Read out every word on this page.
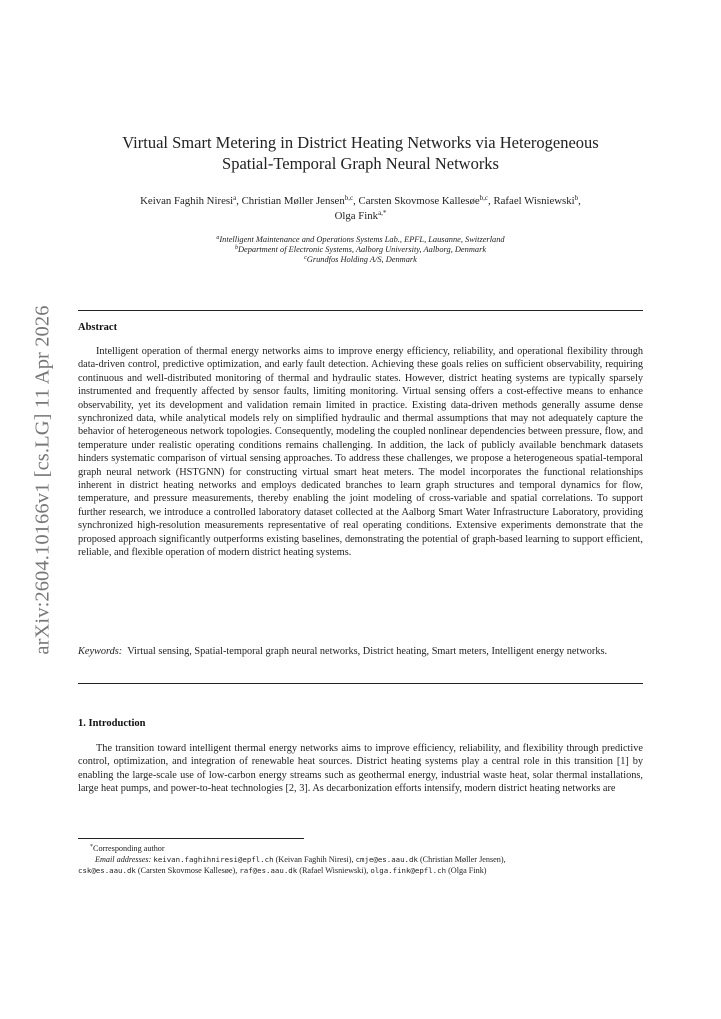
arXiv:2604.10166v1 [cs.LG] 11 Apr 2026
Virtual Smart Metering in District Heating Networks via Heterogeneous
Spatial-Temporal Graph Neural Networks
Keivan Faghih Niresi$^a$, Christian Møller Jensen$^{b,c}$, Carsten Skovmose Kallesøe$^{b,c}$, Rafael Wisniewski$^b$,
Olga Fink$^{a,*}$
$^a$Intelligent Maintenance and Operations Systems Lab., EPFL, Lausanne, Switzerland
$^b$Department of Electronic Systems, Aalborg University, Aalborg, Denmark
$^c$Grundfos Holding A/S, Denmark
Abstract

Intelligent operation of thermal energy networks aims to improve energy efficiency, reliability, and operational flexibility through data-driven control, predictive optimization, and early fault detection. Achieving these goals relies on sufficient observability, requiring continuous and well-distributed monitoring of thermal and hydraulic states. However, district heating systems are typically sparsely instrumented and frequently affected by sensor faults, limiting monitoring. Virtual sensing offers a cost-effective means to enhance observability, yet its development and validation remain limited in practice. Existing data-driven methods generally assume dense synchronized data, while analytical models rely on simplified hydraulic and thermal assumptions that may not adequately capture the behavior of heterogeneous network topologies. Consequently, modeling the coupled nonlinear dependencies between pressure, flow, and temperature under realistic operating conditions remains challenging. In addition, the lack of publicly available benchmark datasets hinders systematic comparison of virtual sensing approaches. To address these challenges, we propose a heterogeneous spatial-temporal graph neural network (HSTGNN) for constructing virtual smart heat meters. The model incorporates the functional relationships inherent in district heating networks and employs dedicated branches to learn graph structures and temporal dynamics for flow, temperature, and pressure measurements, thereby enabling the joint modeling of cross-variable and spatial correlations. To support further research, we introduce a controlled laboratory dataset collected at the Aalborg Smart Water Infrastructure Laboratory, providing synchronized high-resolution measurements representative of real operating conditions. Extensive experiments demonstrate that the proposed approach significantly outperforms existing baselines, demonstrating the potential of graph-based learning to support efficient, reliable, and flexible operation of modern district heating systems.

Keywords: Virtual sensing, Spatial-temporal graph neural networks, District heating, Smart meters, Intelligent energy networks.
1. Introduction

The transition toward intelligent thermal energy networks aims to improve efficiency, reliability, and flexibility through predictive control, optimization, and integration of renewable heat sources. District heating systems play a central role in this transition [1] by enabling the large-scale use of low-carbon energy streams such as geothermal energy, industrial waste heat, solar thermal installations, large heat pumps, and power-to-heat technologies [2, 3]. As decarbonization efforts intensify, modern district heating networks are

*Corresponding author
Email addresses: keivan.faghihniresi@epfl.ch (Keivan Faghih Niresi), cmje@es.aau.dk (Christian Møller Jensen),
csk@es.aau.dk (Carsten Skovmose Kallesøe), raf@es.aau.dk (Rafael Wisniewski), olga.fink@epfl.ch (Olga Fink)
